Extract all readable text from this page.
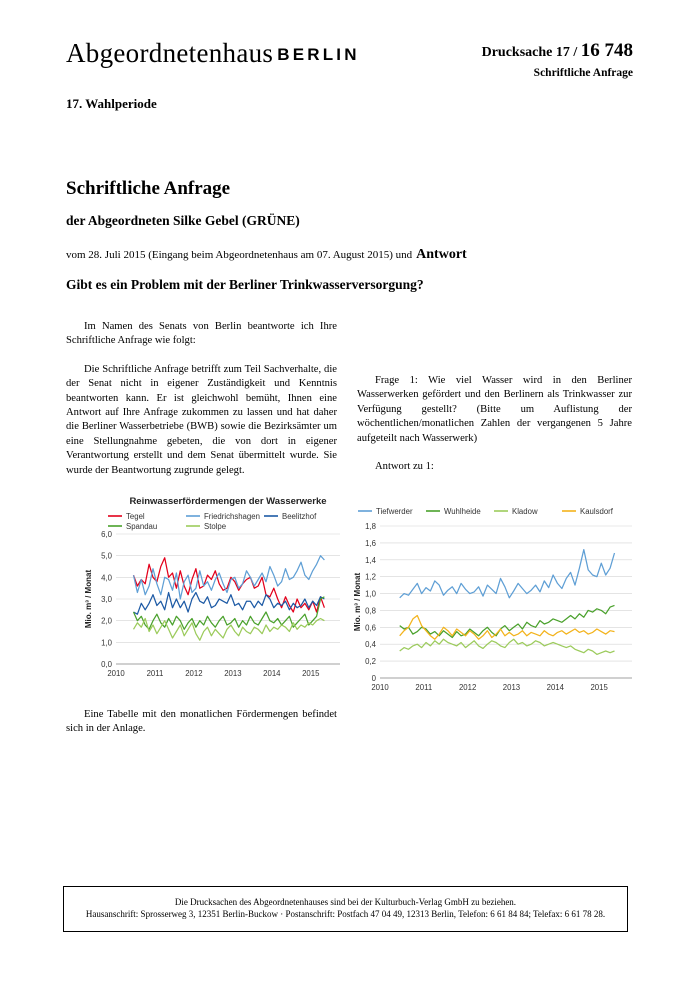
Abgeordnetenhaus BERLIN	Drucksache 17 / 16 748
Schriftliche Anfrage
17. Wahlperiode
Schriftliche Anfrage
der Abgeordneten Silke Gebel (GRÜNE)
vom 28. Juli 2015 (Eingang beim Abgeordnetenhaus am 07. August 2015) und Antwort
Gibt es ein Problem mit der Berliner Trinkwasserversorgung?

Im Namen des Senats von Berlin beantworte ich Ihre Schriftliche Anfrage wie folgt:

Die Schriftliche Anfrage betrifft zum Teil Sachverhalte, die der Senat nicht in eigener Zuständigkeit und Kenntnis beantworten kann. Er ist gleichwohl bemüht, Ihnen eine Antwort auf Ihre Anfrage zukommen zu lassen und hat daher die Berliner Wasserbetriebe (BWB) sowie die Bezirksämter um eine Stellungnahme gebeten, die von dort in eigener Verantwortung erstellt und dem Senat übermittelt wurde. Sie wurde der Beantwortung zugrunde gelegt.

Frage 1: Wie viel Wasser wird in den Berliner Wasserwerken gefördert und den Berlinern als Trinkwasser zur Verfügung gestellt? (Bitte um Auflistung der wöchentlichen/monatlichen Zahlen der vergangenen 5 Jahre aufgeteilt nach Wasserwerk)

Antwort zu 1:

Reinwasserfördermengen der Wasserwerke
Tegel	Friedrichshagen	Beelitzhof
Spandau	Stolpe
0,0
1,0
2,0
3,0
4,0
5,0
6,0
2010	2011	2012	2013	2014	2015
Mio. m³ / Monat
Tiefwerder	Wuhlheide	Kladow	Kaulsdorf
0
0,2
0,4
0,6
0,8
1,0
1,2
1,4
1,6
1,8
2010	2011	2012	2013	2014	2015
Mio. m³ / Monat

Eine Tabelle mit den monatlichen Fördermengen befindet sich in der Anlage.

Die Drucksachen des Abgeordnetenhauses sind bei der Kulturbuch-Verlag GmbH zu beziehen.
Hausanschrift: Sprosserweg 3, 12351 Berlin-Buckow · Postanschrift: Postfach 47 04 49, 12313 Berlin, Telefon: 6 61 84 84; Telefax: 6 61 78 28.
